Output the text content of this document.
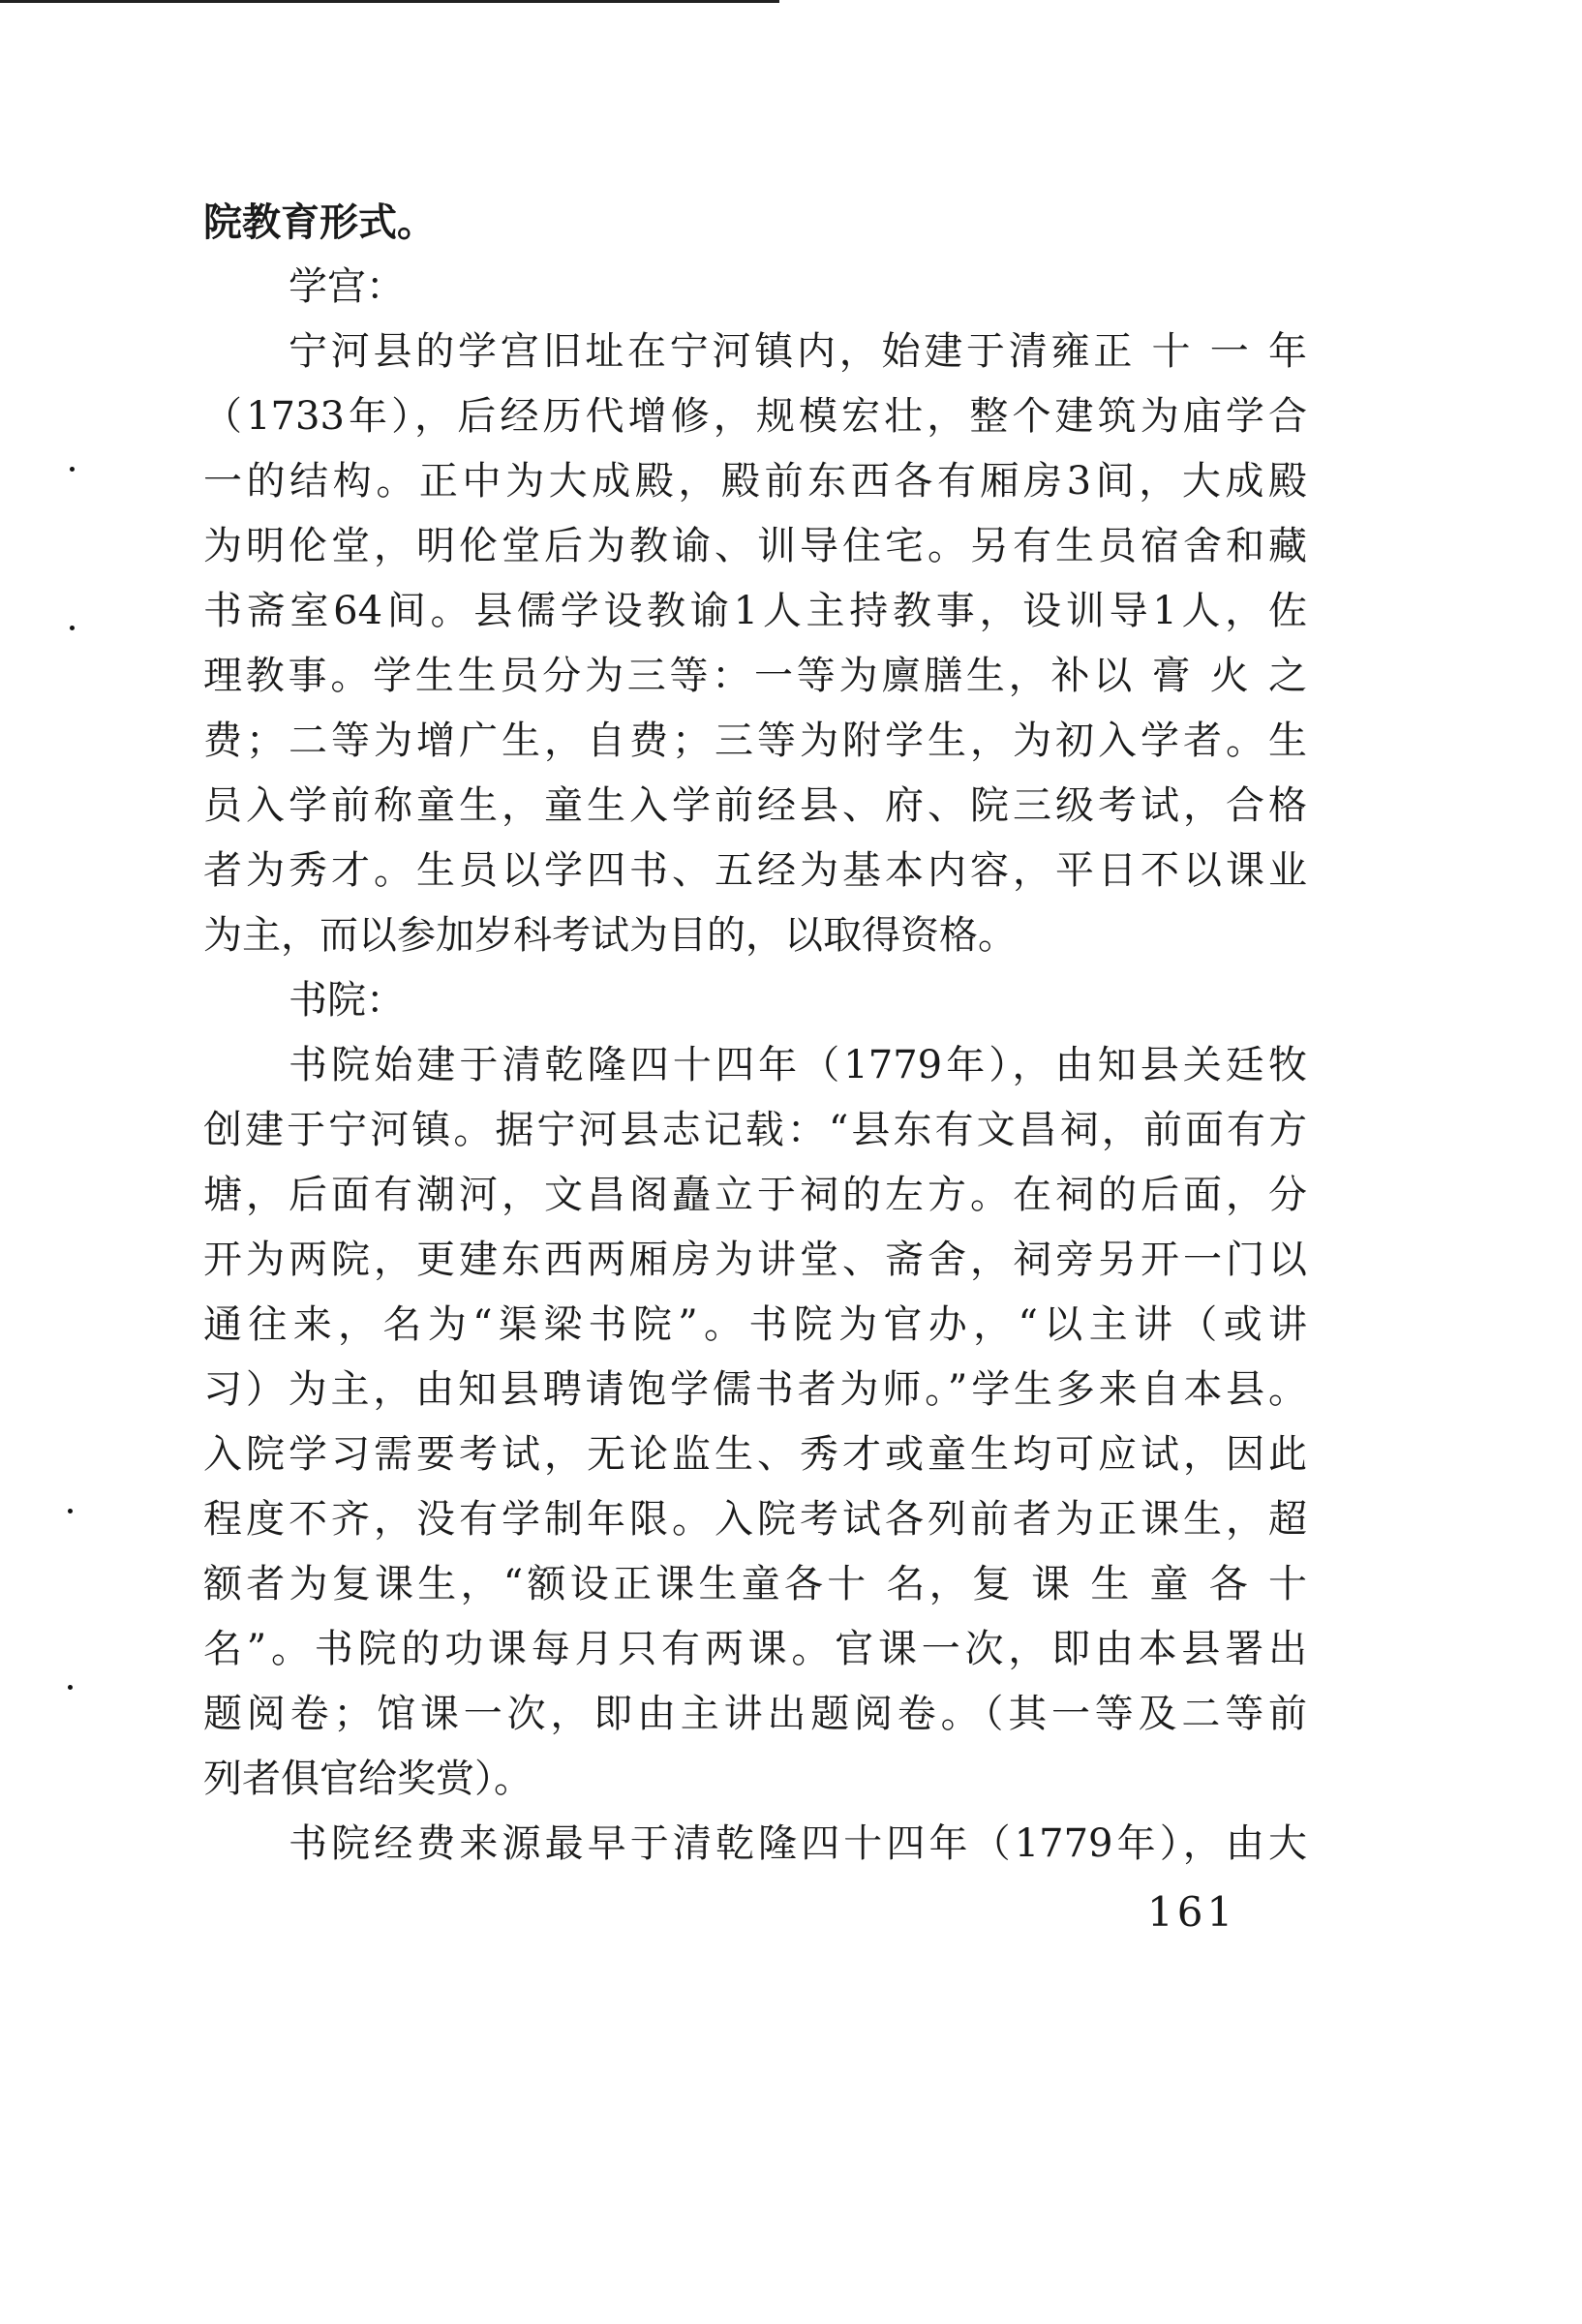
院教育形式。
学宫：
宁河县的学宫旧址在宁河镇内，始建于清雍正 十 一 年
（1733年），后经历代增修，规模宏壮，整个建筑为庙学合
一的结构。正中为大成殿，殿前东西各有厢房3间，大成殿
为明伦堂，明伦堂后为教谕、训导住宅。另有生员宿舍和藏
书斋室64间。县儒学设教谕1人主持教事，设训导1人，佐
理教事。学生生员分为三等：一等为廪膳生，补以 膏 火 之
费；二等为增广生，自费；三等为附学生，为初入学者。生
员入学前称童生，童生入学前经县、府、院三级考试，合格
者为秀才。生员以学四书、五经为基本内容，平日不以课业
为主，而以参加岁科考试为目的，以取得资格。
书院：
书院始建于清乾隆四十四年（1779年），由知县关廷牧
创建于宁河镇。据宁河县志记载：“县东有文昌祠，前面有方
塘，后面有潮河，文昌阁矗立于祠的左方。在祠的后面，分
开为两院，更建东西两厢房为讲堂、斋舍，祠旁另开一门以
通往来，名为“渠梁书院”。书院为官办，“以主讲（或讲
习）为主，由知县聘请饱学儒书者为师。”学生多来自本县。
入院学习需要考试，无论监生、秀才或童生均可应试，因此
程度不齐，没有学制年限。入院考试各列前者为正课生，超
额者为复课生，“额设正课生童各十 名，复 课 生 童 各 十
名”。书院的功课每月只有两课。官课一次，即由本县署出
题阅卷；馆课一次，即由主讲出题阅卷。（其一等及二等前
列者俱官给奖赏）。
书院经费来源最早于清乾隆四十四年（1779年），由大
161
